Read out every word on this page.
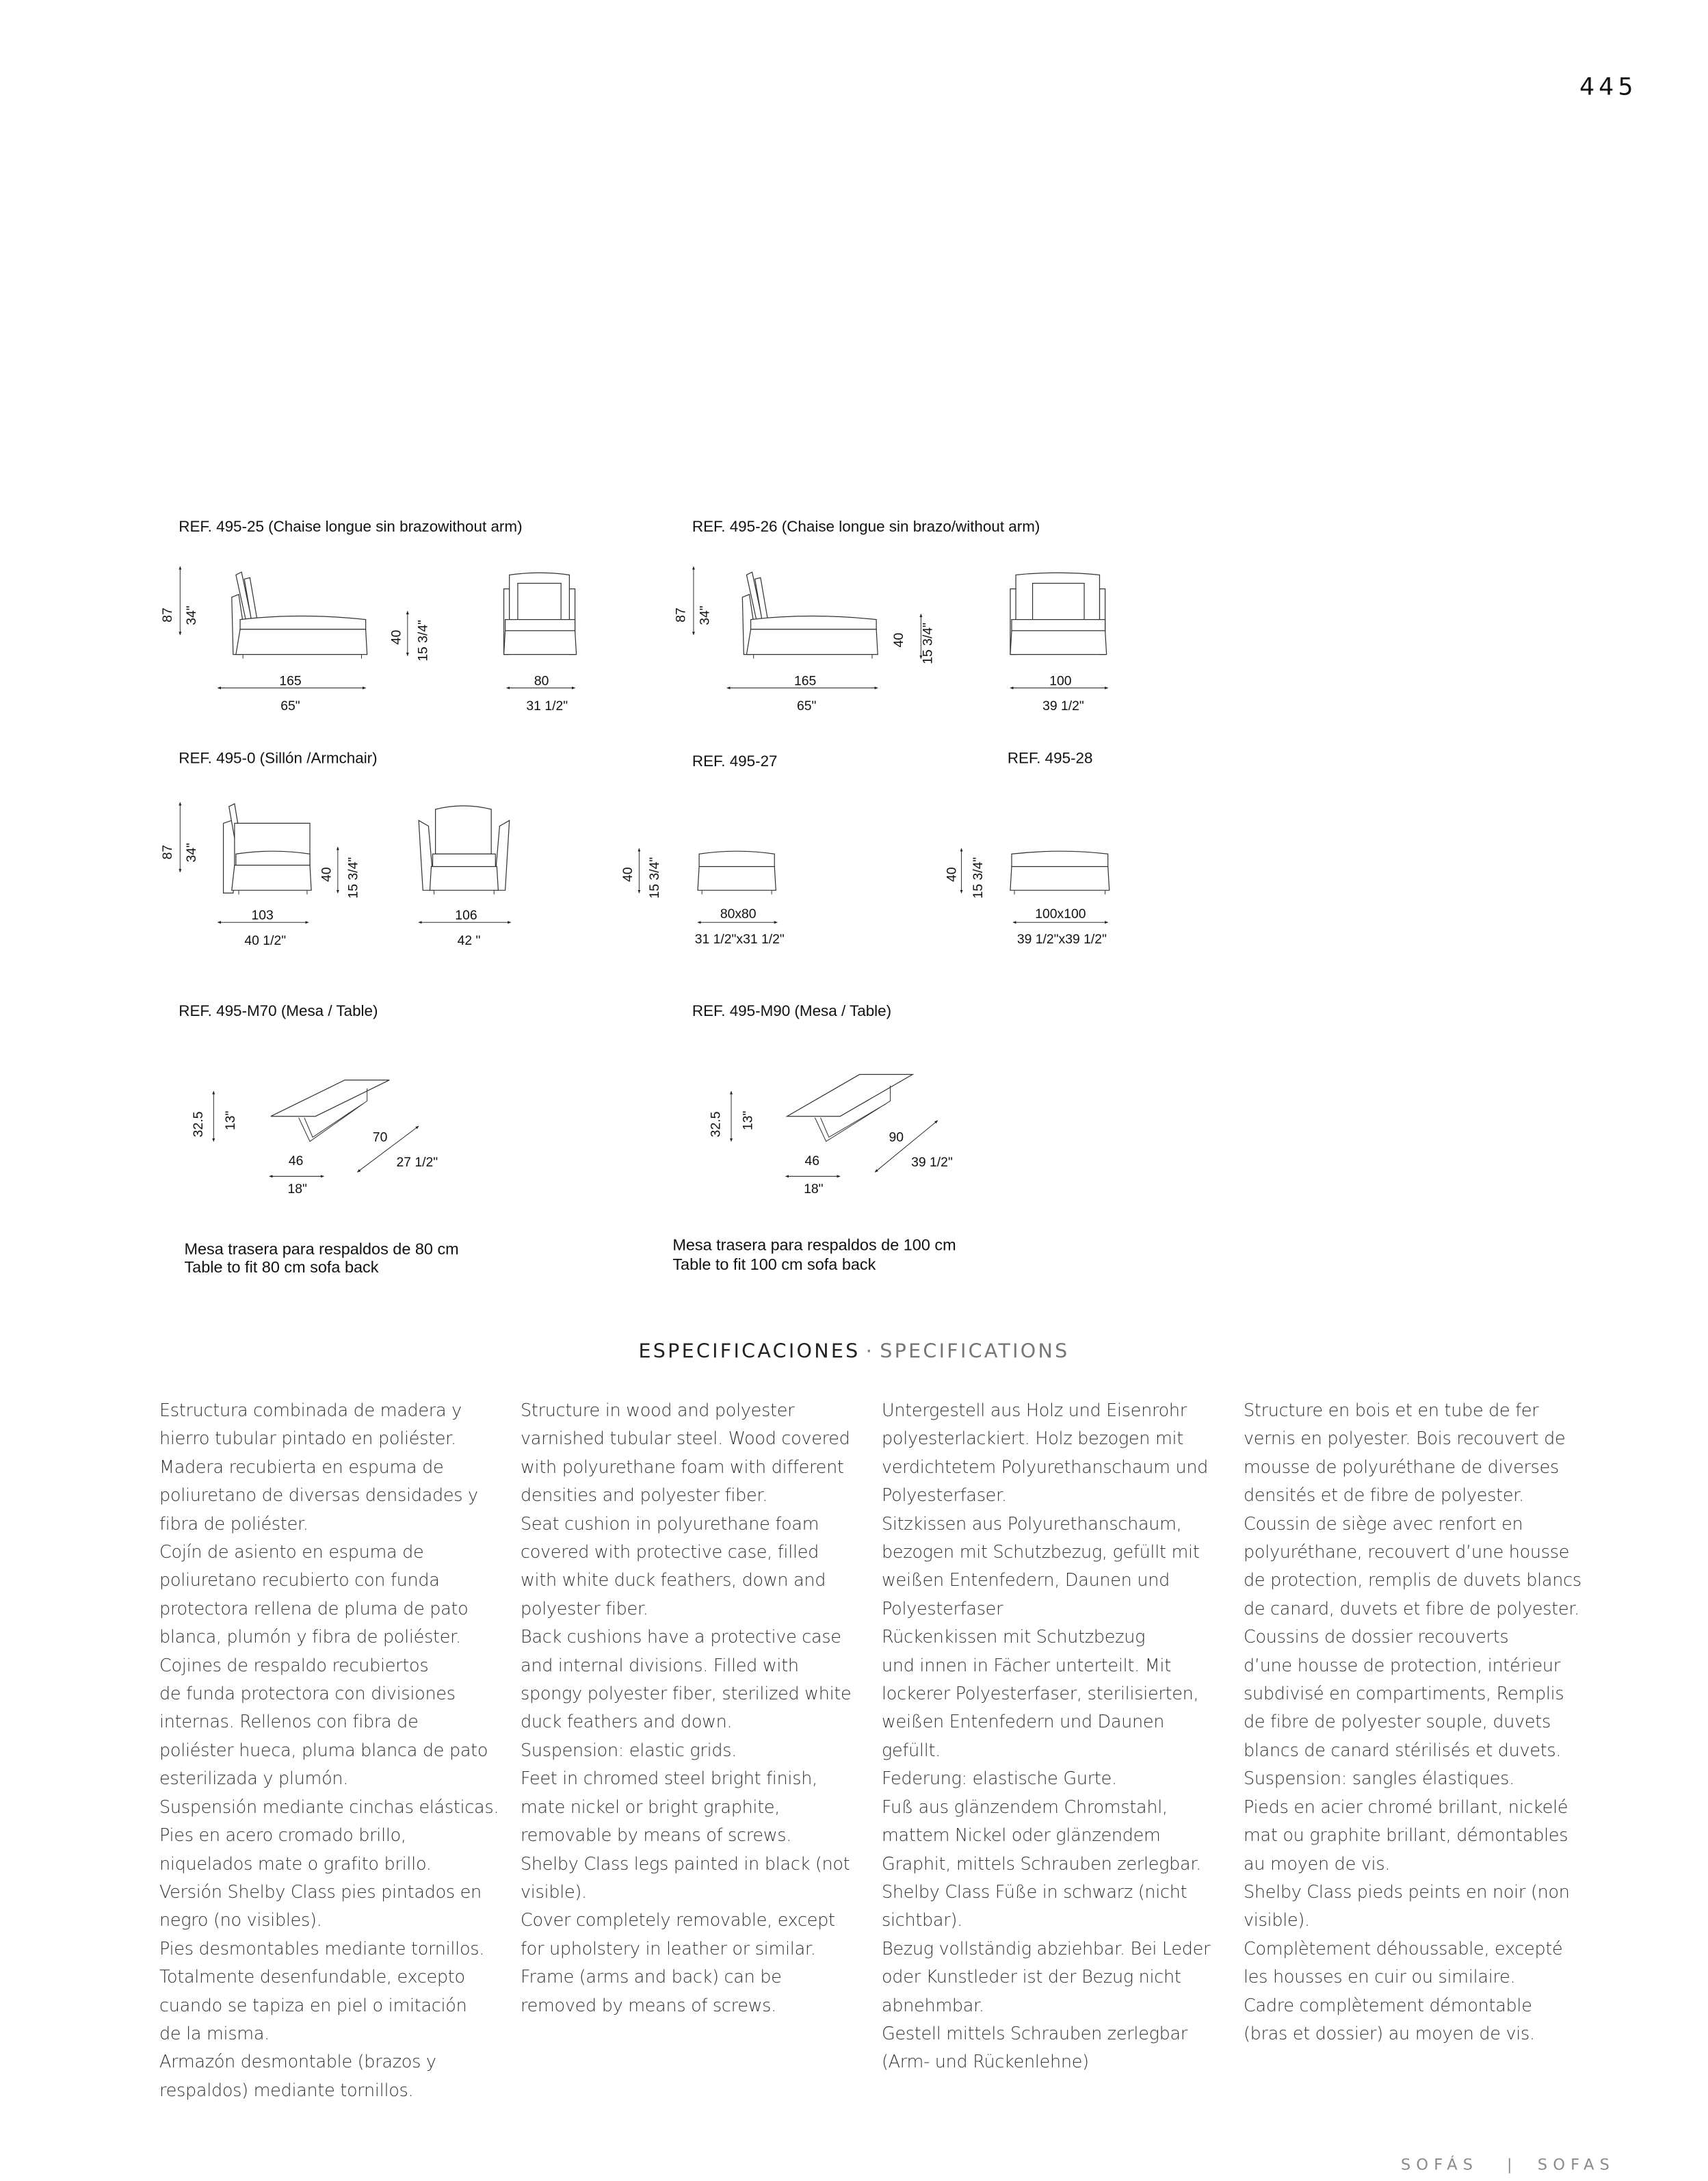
445
REF. 495-25 (Chaise longue sin brazowithout arm)
87 34"
40 15 3/4"
165
65"
80
31 1/2"
REF. 495-26 (Chaise longue sin brazo/without arm)
87 34"
40 15 3/4"
165
65"
100
39 1/2"
REF. 495-0 (Sillón /Armchair)
87 34"
40 15 3/4"
103
40 1/2"
106
42 "
REF. 495-27
40 15 3/4"
80x80
31 1/2"x31 1/2"
REF. 495-28
40 15 3/4"
100x100
39 1/2"x39 1/2"
REF. 495-M70 (Mesa / Table)
32.5	13"
70
27 1/2"
46
18"
Mesa trasera para respaldos de 80 cm
Table to fit 80 cm sofa back
REF. 495-M90 (Mesa / Table)
32.5	13"
90
39 1/2"
46
18"
Mesa trasera para respaldos de 100 cm
Table to fit 100 cm sofa back
ESPECIFICACIONES · SPECIFICATIONS
SOFÁS	|	SOFAS
Estructura combinada de madera y
hierro tubular pintado en poliéster.
Madera recubierta en espuma de
poliuretano de diversas densidades y
fibra de poliéster.
Cojín de asiento en espuma de
poliuretano recubierto con funda
protectora rellena de pluma de pato
blanca, plumón y fibra de poliéster.
Cojines de respaldo recubiertos
de funda protectora con divisiones
internas. Rellenos con fibra de
poliéster hueca, pluma blanca de pato
esterilizada y plumón.
Suspensión mediante cinchas elásticas.
Pies en acero cromado brillo,
niquelados mate o grafito brillo.
Versión Shelby Class pies pintados en
negro (no visibles).
Pies desmontables mediante tornillos.
Totalmente desenfundable, excepto
cuando se tapiza en piel o imitación
de la misma.
Armazón desmontable (brazos y
respaldos) mediante tornillos.
Structure in wood and polyester
varnished tubular steel. Wood covered
with polyurethane foam with different
densities and polyester fiber.
Seat cushion in polyurethane foam
covered with protective case, filled
with white duck feathers, down and
polyester fiber.
Back cushions have a protective case
and internal divisions. Filled with
spongy polyester fiber, sterilized white
duck feathers and down.
Suspension: elastic grids.
Feet in chromed steel bright finish,
mate nickel or bright graphite,
removable by means of screws.
Shelby Class legs painted in black (not
visible).
Cover completely removable, except
for upholstery in leather or similar.
Frame (arms and back) can be
removed by means of screws.
Untergestell aus Holz und Eisenrohr
polyesterlackiert. Holz bezogen mit
verdichtetem Polyurethanschaum und
Polyesterfaser.
Sitzkissen aus Polyurethanschaum,
bezogen mit Schutzbezug, gefüllt mit
weißen Entenfedern, Daunen und
Polyesterfaser
Rückenkissen mit Schutzbezug
und innen in Fächer unterteilt. Mit
lockerer Polyesterfaser, sterilisierten,
weißen Entenfedern und Daunen
gefüllt.
Federung: elastische Gurte.
Fuß aus glänzendem Chromstahl,
mattem Nickel oder glänzendem
Graphit, mittels Schrauben zerlegbar.
Shelby Class Füße in schwarz (nicht
sichtbar).
Bezug vollständig abziehbar. Bei Leder
oder Kunstleder ist der Bezug nicht
abnehmbar.
Gestell mittels Schrauben zerlegbar
(Arm- und Rückenlehne)
Structure en bois et en tube de fer
vernis en polyester. Bois recouvert de
mousse de polyuréthane de diverses
densités et de fibre de polyester.
Coussin de siège avec renfort en
polyuréthane, recouvert d’une housse
de protection, remplis de duvets blancs
de canard, duvets et fibre de polyester.
Coussins de dossier recouverts
d’une housse de protection, intérieur
subdivisé en compartiments, Remplis
de fibre de polyester souple, duvets
blancs de canard stérilisés et duvets.
Suspension: sangles élastiques.
Pieds en acier chromé brillant, nickelé
mat ou graphite brillant, démontables
au moyen de vis.
Shelby Class pieds peints en noir (non
visible).
Complètement déhoussable, excepté
les housses en cuir ou similaire.
Cadre complètement démontable
(bras et dossier) au moyen de vis.
